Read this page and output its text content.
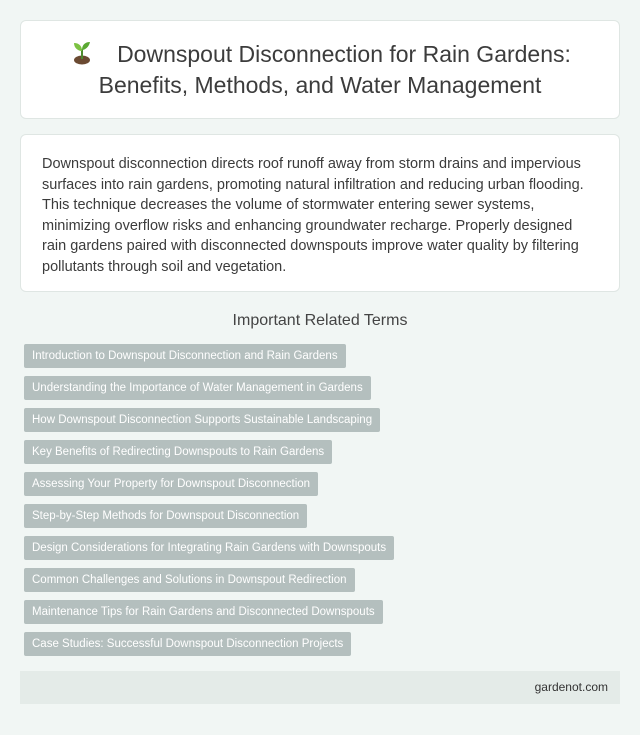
Downspout Disconnection for Rain Gardens: Benefits, Methods, and Water Management

Downspout disconnection directs roof runoff away from storm drains and impervious surfaces into rain gardens, promoting natural infiltration and reducing urban flooding. This technique decreases the volume of stormwater entering sewer systems, minimizing overflow risks and enhancing groundwater recharge. Properly designed rain gardens paired with disconnected downspouts improve water quality by filtering pollutants through soil and vegetation.

Important Related Terms
Introduction to Downspout Disconnection and Rain Gardens
Understanding the Importance of Water Management in Gardens
How Downspout Disconnection Supports Sustainable Landscaping
Key Benefits of Redirecting Downspouts to Rain Gardens
Assessing Your Property for Downspout Disconnection
Step-by-Step Methods for Downspout Disconnection
Design Considerations for Integrating Rain Gardens with Downspouts
Common Challenges and Solutions in Downspout Redirection
Maintenance Tips for Rain Gardens and Disconnected Downspouts
Case Studies: Successful Downspout Disconnection Projects
gardenot.com
